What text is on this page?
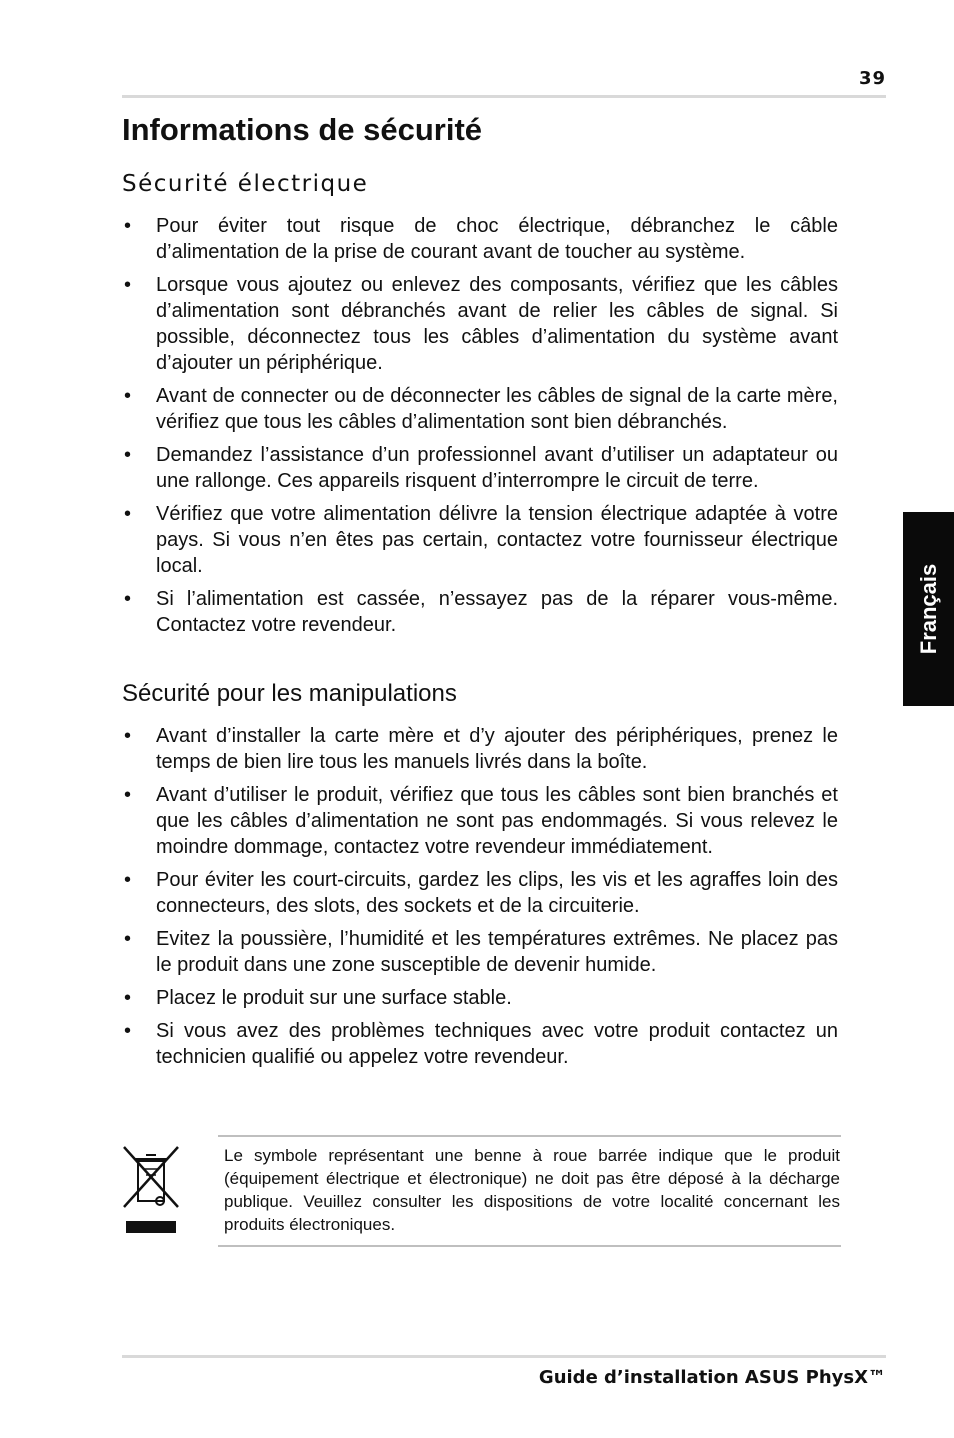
39
Informations de sécurité
Sécurité électrique
• Pour éviter tout risque de choc électrique, débranchez le câble d’alimentation de la prise de courant avant de toucher au système.
• Lorsque vous ajoutez ou enlevez des composants, vérifiez que les câbles d’alimentation sont débranchés avant de relier les câbles de signal. Si possible, déconnectez tous les câbles d’alimentation du système avant d’ajouter un périphérique.
• Avant de connecter ou de déconnecter les câbles de signal de la carte mère, vérifiez que tous les câbles d’alimentation sont bien débranchés.
• Demandez l’assistance d’un professionnel avant d’utiliser un adaptateur ou une rallonge. Ces appareils risquent d’interrompre le circuit de terre.
• Vérifiez que votre alimentation délivre la tension électrique adaptée à votre pays. Si vous n’en êtes pas certain, contactez votre fournisseur électrique local.
• Si l’alimentation est cassée, n’essayez pas de la réparer vous-même. Contactez votre revendeur.
Sécurité pour les manipulations
• Avant d’installer la carte mère et d’y ajouter des périphériques, prenez le temps de bien lire tous les manuels livrés dans la boîte.
• Avant d’utiliser le produit, vérifiez que tous les câbles sont bien branchés et que les câbles d’alimentation ne sont pas endommagés. Si vous relevez le moindre dommage, contactez votre revendeur immédiatement.
• Pour éviter les court-circuits, gardez les clips, les vis et les agraffes loin des connecteurs, des slots, des sockets et de la circuiterie.
• Evitez la poussière, l’humidité et les températures extrêmes. Ne placez pas le produit dans une zone susceptible de devenir humide.
• Placez le produit sur une surface stable.
• Si vous avez des problèmes techniques avec votre produit contactez un technicien qualifié ou appelez votre revendeur.
Français

Le symbole représentant une benne à roue barrée indique que le produit (équipement électrique et électronique) ne doit pas être déposé à la décharge publique. Veuillez consulter les dispositions de votre localité concernant les produits électroniques.

Guide d’installation ASUS PhysX™
